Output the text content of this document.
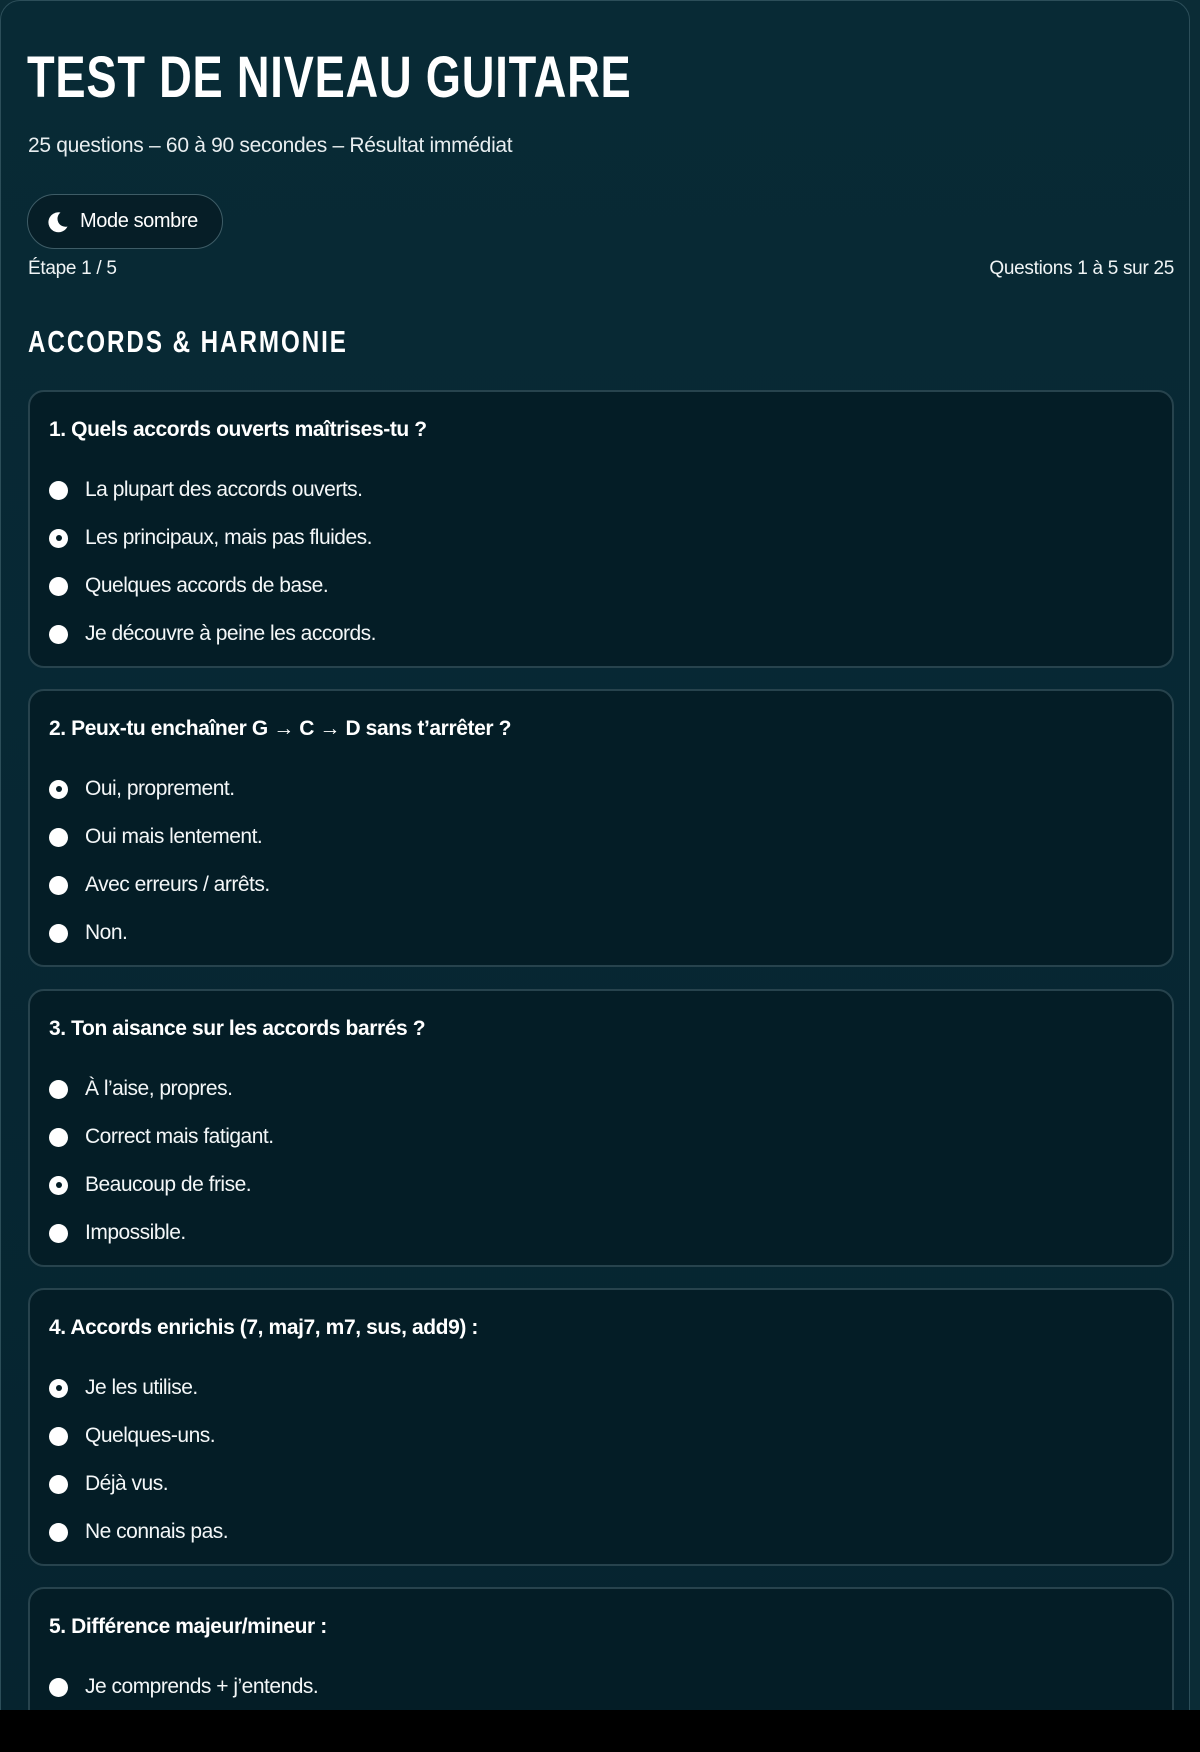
TEST DE NIVEAU GUITARE
25 questions – 60 à 90 secondes – Résultat immédiat
Mode sombre
Étape 1 / 5	Questions 1 à 5 sur 25
ACCORDS & HARMONIE
1. Quels accords ouverts maîtrises-tu ?
La plupart des accords ouverts.
Les principaux, mais pas fluides.
Quelques accords de base.
Je découvre à peine les accords.
2. Peux-tu enchaîner G → C → D sans t’arrêter ?
Oui, proprement.
Oui mais lentement.
Avec erreurs / arrêts.
Non.
3. Ton aisance sur les accords barrés ?
À l’aise, propres.
Correct mais fatigant.
Beaucoup de frise.
Impossible.
4. Accords enrichis (7, maj7, m7, sus, add9) :
Je les utilise.
Quelques-uns.
Déjà vus.
Ne connais pas.
5. Différence majeur/mineur :
Je comprends + j’entends.
